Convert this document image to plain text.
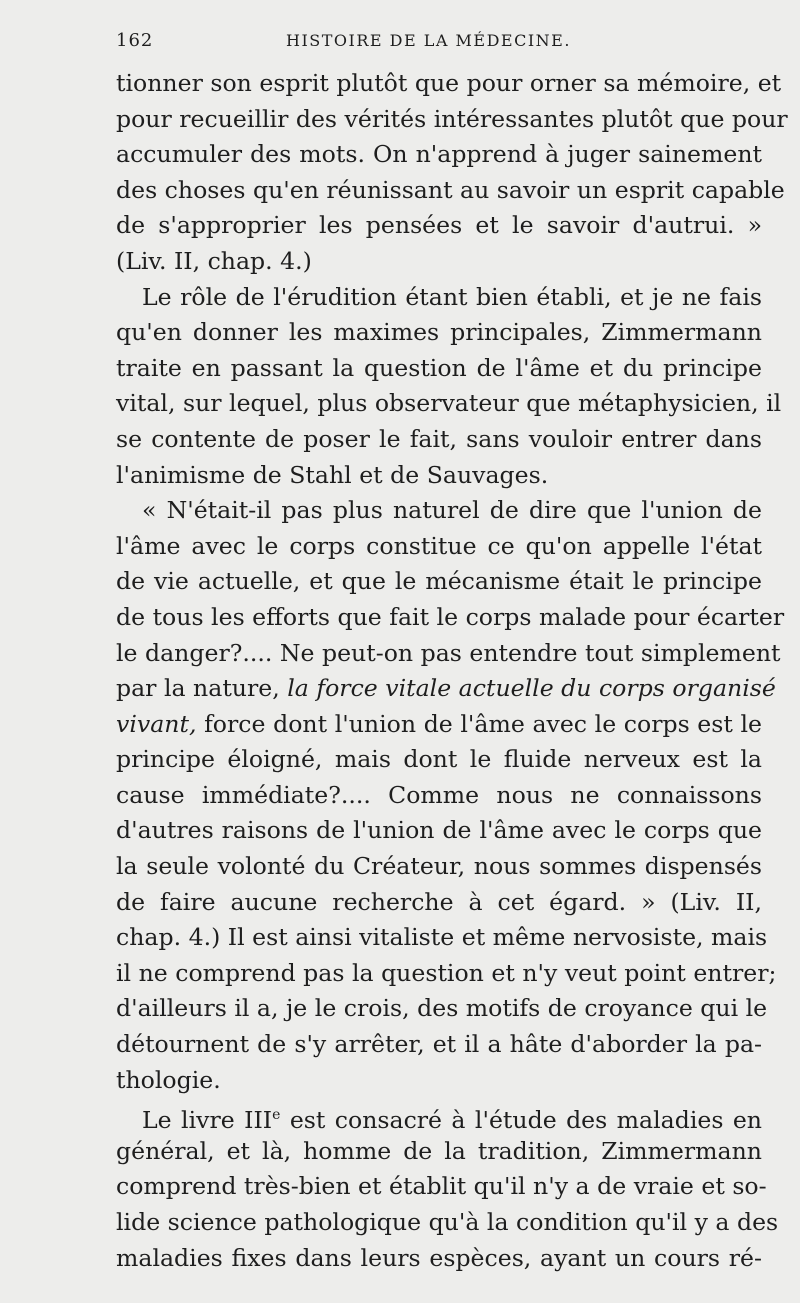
162	HISTOIRE DE LA MÉDECINE.
tionner son esprit plutôt que pour orner sa mémoire, et
pour recueillir des vérités intéressantes plutôt que pour
accumuler des mots. On n'apprend à juger sainement
des choses qu'en réunissant au savoir un esprit capable
de s'approprier les pensées et le savoir d'autrui. »
(Liv. II, chap. 4.)
Le rôle de l'érudition étant bien établi, et je ne fais
qu'en donner les maximes principales, Zimmermann
traite en passant la question de l'âme et du principe
vital, sur lequel, plus observateur que métaphysicien, il
se contente de poser le fait, sans vouloir entrer dans
l'animisme de Stahl et de Sauvages.
« N'était-il pas plus naturel de dire que l'union de
l'âme avec le corps constitue ce qu'on appelle l'état
de vie actuelle, et que le mécanisme était le principe
de tous les efforts que fait le corps malade pour écarter
le danger?.... Ne peut-on pas entendre tout simplement
par la nature, la force vitale actuelle du corps organisé
vivant, force dont l'union de l'âme avec le corps est le
principe éloigné, mais dont le fluide nerveux est la
cause immédiate?.... Comme nous ne connaissons
d'autres raisons de l'union de l'âme avec le corps que
la seule volonté du Créateur, nous sommes dispensés
de faire aucune recherche à cet égard. » (Liv. II,
chap. 4.) Il est ainsi vitaliste et même nervosiste, mais
il ne comprend pas la question et n'y veut point entrer;
d'ailleurs il a, je le crois, des motifs de croyance qui le
détournent de s'y arrêter, et il a hâte d'aborder la pa-
thologie.
Le livre IIIe est consacré à l'étude des maladies en
général, et là, homme de la tradition, Zimmermann
comprend très-bien et établit qu'il n'y a de vraie et so-
lide science pathologique qu'à la condition qu'il y a des
maladies fixes dans leurs espèces, ayant un cours ré-
